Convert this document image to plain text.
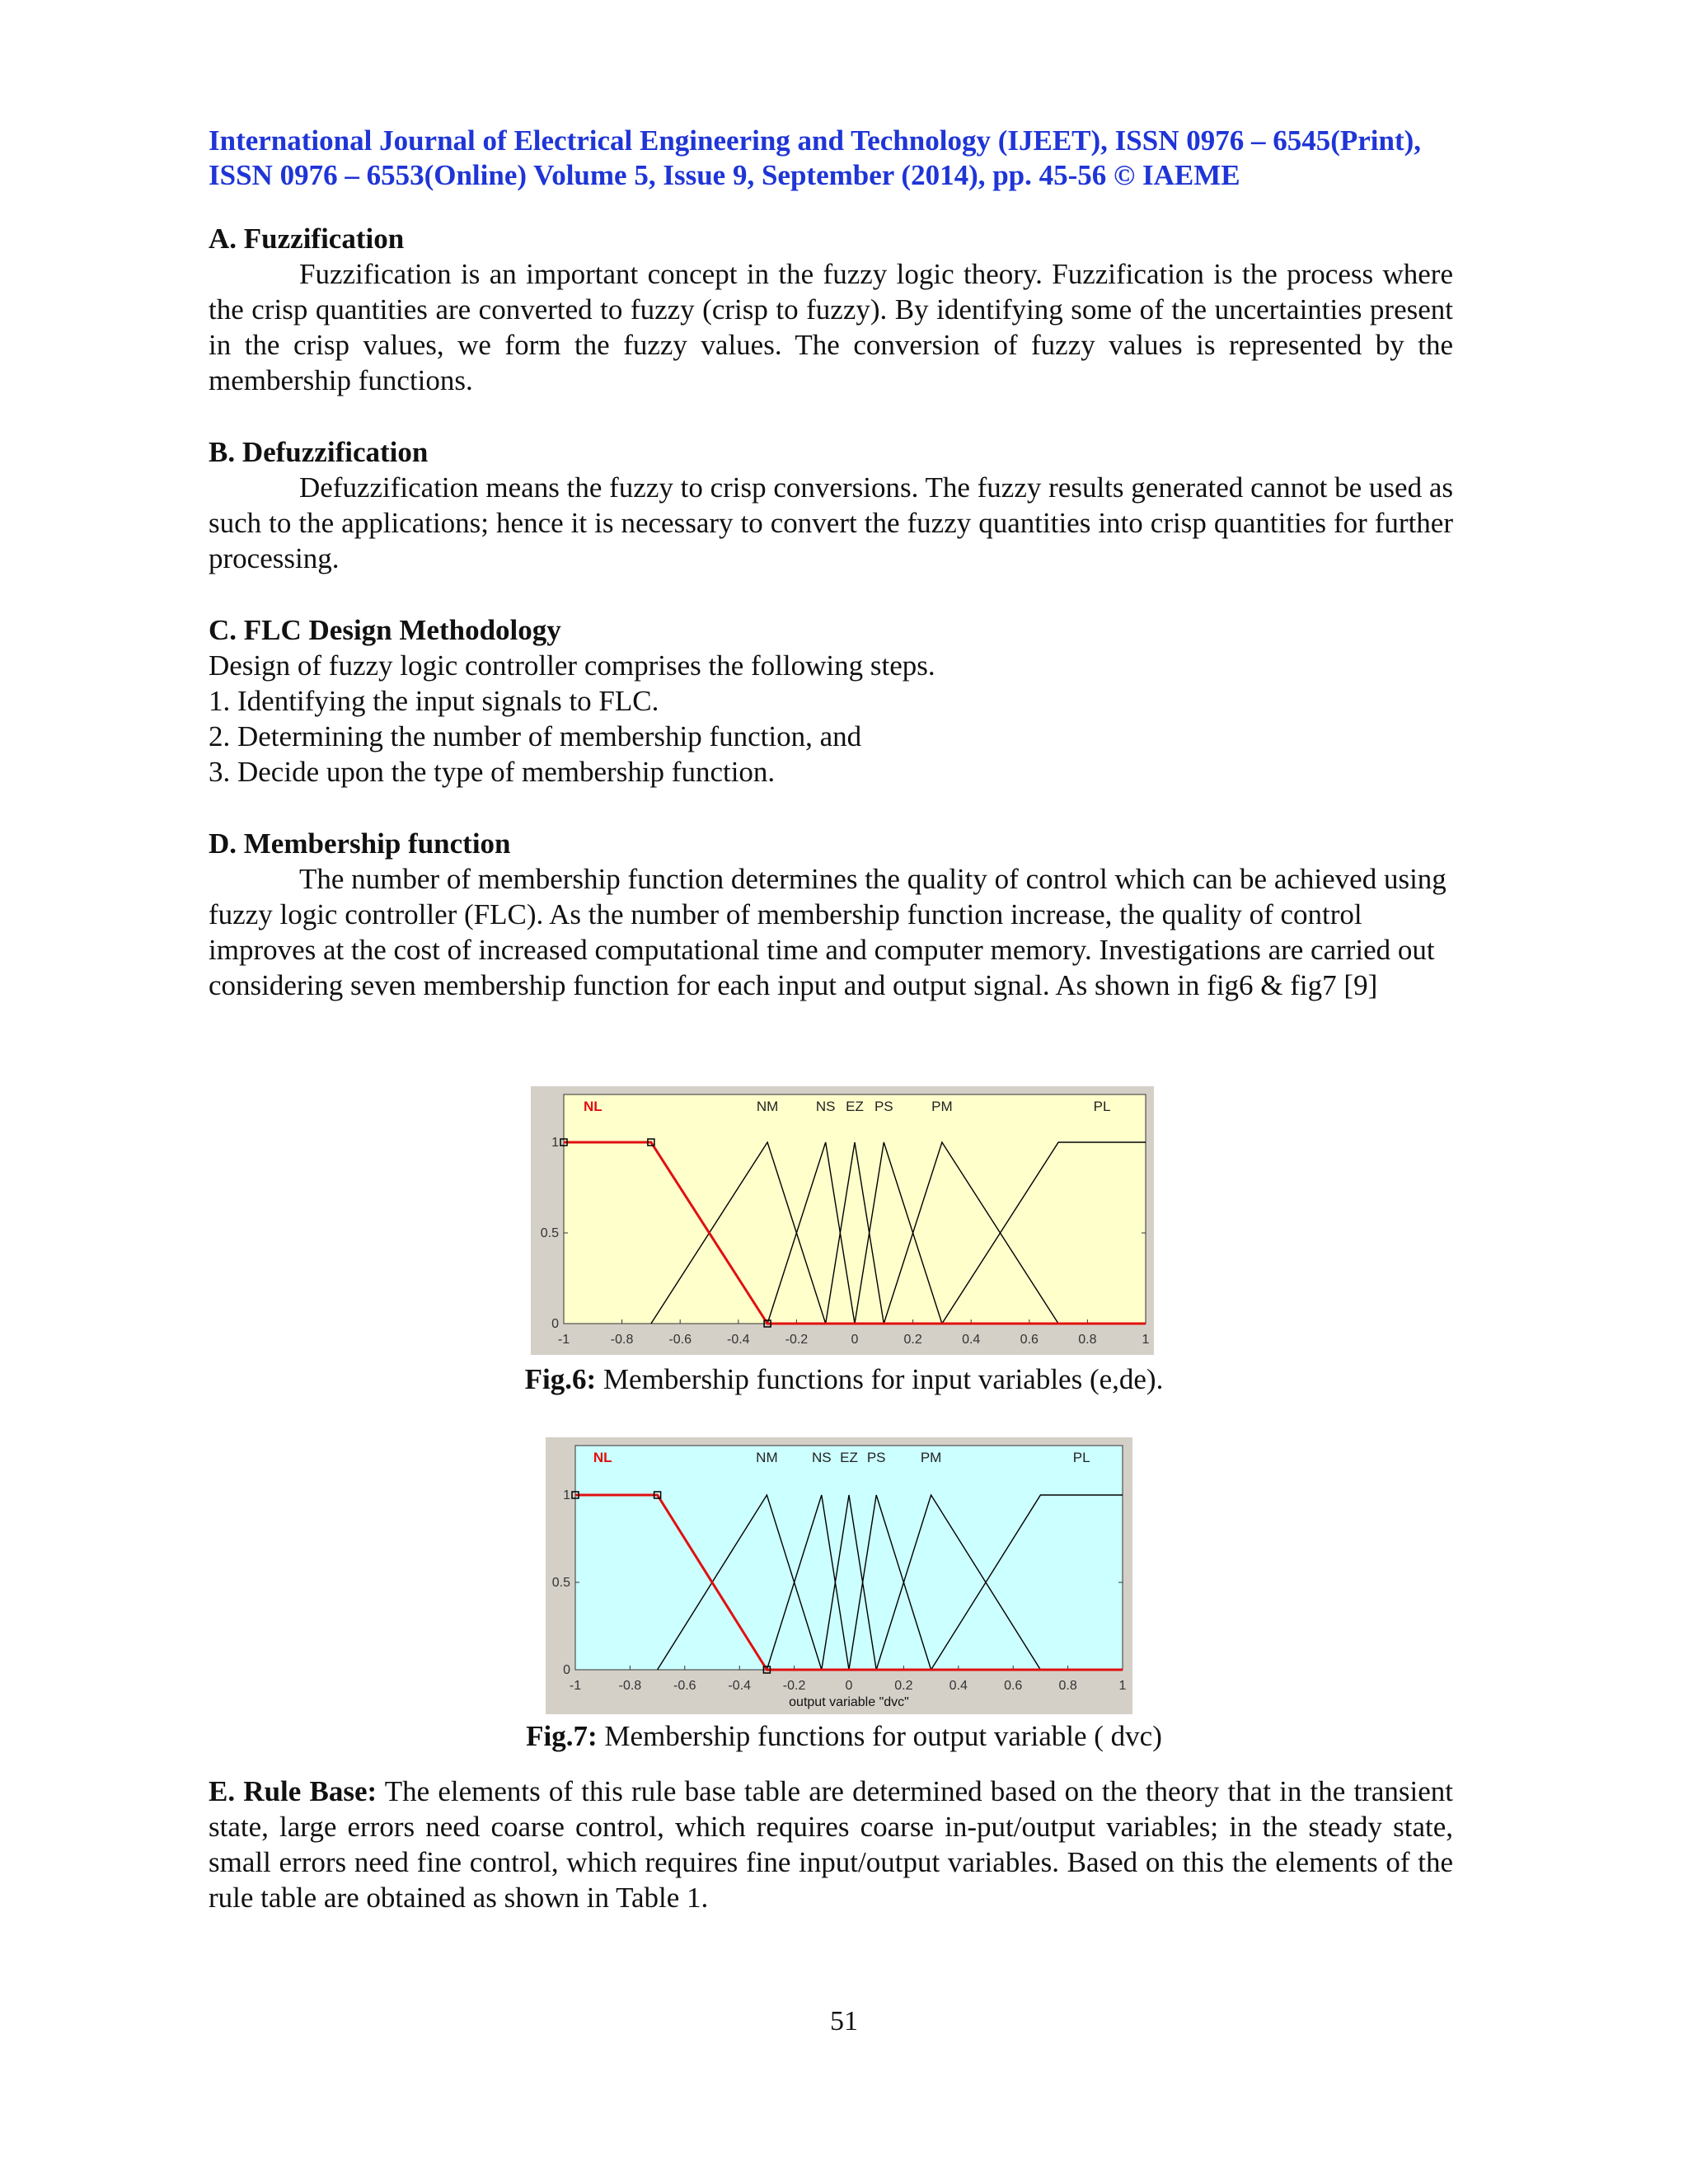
International Journal of Electrical Engineering and Technology (IJEET), ISSN 0976 – 6545(Print),

ISSN 0976 – 6553(Online) Volume 5, Issue 9, September (2014), pp. 45-56 © IAEME

A. Fuzzification

Fuzzification is an important concept in the fuzzy logic theory. Fuzzification is the process where the crisp quantities are converted to fuzzy (crisp to fuzzy). By identifying some of the uncertainties present in the crisp values, we form the fuzzy values. The conversion of fuzzy values is represented by the membership functions.

B. Defuzzification

Defuzzification means the fuzzy to crisp conversions. The fuzzy results generated cannot be used as such to the applications; hence it is necessary to convert the fuzzy quantities into crisp quantities for further processing.

C. FLC Design Methodology
Design of fuzzy logic controller comprises the following steps.
1. Identifying the input signals to FLC.
2. Determining the number of membership function, and
3. Decide upon the type of membership function.
D. Membership function

The number of membership function determines the quality of control which can be achieved using fuzzy logic controller (FLC). As the number of membership function increase, the quality of control improves at the cost of increased computational time and computer memory. Investigations are carried out considering seven membership function for each input and output signal. As shown in fig6 & fig7 [9]

-1	-0.8	-0.6	-0.4	-0.2	0	0.2	0.4	0.6	0.8	1
0
0.5
1
NL	NM	NS EZ PS	PM	PL
Fig.6: Membership functions for input variables (e,de).
-1	-0.8 -0.6 -0.4 -0.2	0	0.2	0.4	0.6	0.8	1
0
0.5
1
NL	NM NS EZ PS PM	PL
output variable "dvc"
Fig.7: Membership functions for output variable ( dvc)

E. Rule Base: The elements of this rule base table are determined based on the theory that in the transient state, large errors need coarse control, which requires coarse in-put/output variables; in the steady state, small errors need fine control, which requires fine input/output variables. Based on this the elements of the rule table are obtained as shown in Table 1.

51
